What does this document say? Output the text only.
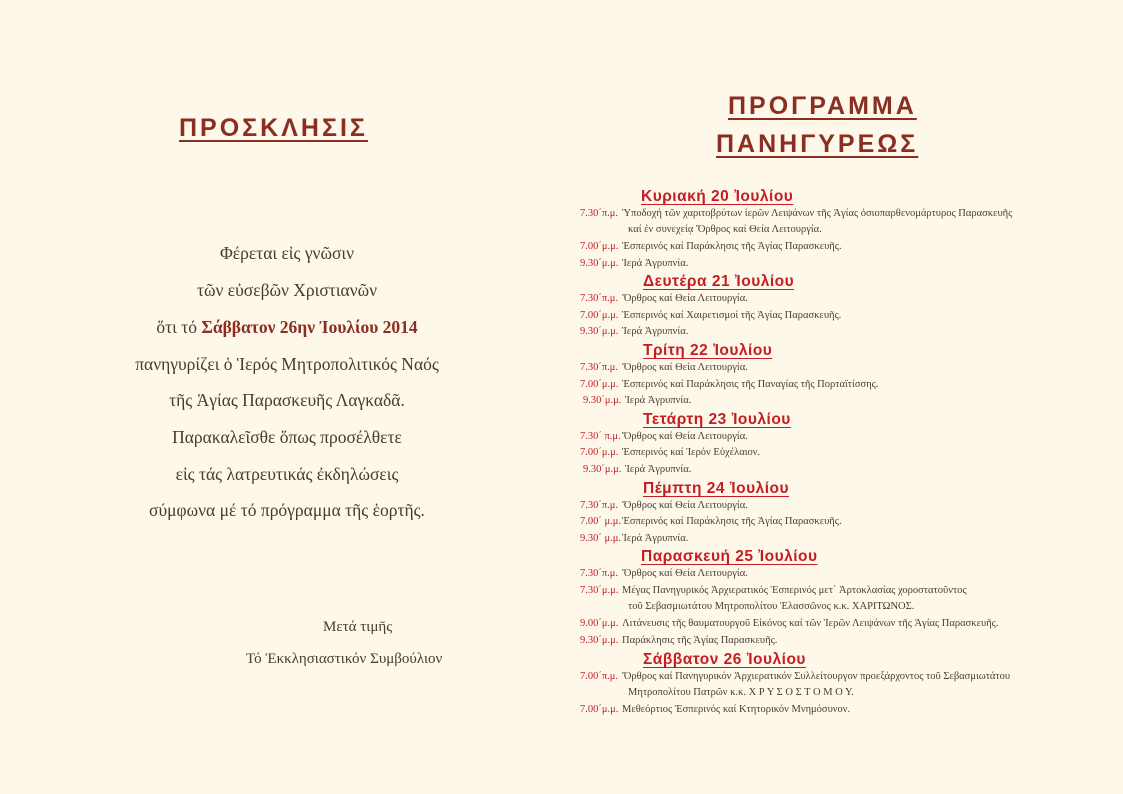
ΠΡΟΣΚΛΗΣΙΣ
Φέρεται εἰς γνῶσιν
τῶν εὐσεβῶν Χριστιανῶν
ὅτι τό Σάββατον 26ην Ἰουλίου 2014
πανηγυρίζει ὁ Ἱερός Μητροπολιτικός Ναός
τῆς Ἁγίας Παρασκευῆς Λαγκαδᾶ.
Παρακαλεῖσθε ὅπως προσέλθετε
εἰς τάς λατρευτικάς ἐκδηλώσεις
σύμφωνα μέ τό πρόγραμμα τῆς ἑορτῆς.
Μετά τιμῆς
Τό Ἐκκλησιαστικόν Συμβούλιον
ΠΡΟΓΡΑΜΜΑ
ΠΑΝΗΓΥΡΕΩΣ
Κυριακή 20 Ἰουλίου
7.30΄π.μ. Ὑποδοχή τῶν χαριτοβρύτων ἱερῶν Λειψάνων τῆς Ἁγίας ὁσιοπαρθενομάρτυρος Παρασκευῆς
καί ἐν συνεχείᾳ Ὄρθρος καί Θεία Λειτουργία.
7.00΄μ.μ. Ἑσπερινός καί Παράκλησις τῆς Ἁγίας Παρασκευῆς.
9.30΄μ.μ. Ἱερά Ἀγρυπνία.
Δευτέρα 21 Ἰουλίου
7.30΄π.μ. Ὄρθρος καί Θεία Λειτουργία.
7.00΄μ.μ. Ἑσπερινός καί Χαιρετισμοί τῆς Ἁγίας Παρασκευῆς.
9.30΄μ.μ. Ἱερά Ἀγρυπνία.
Τρίτη 22 Ἰουλίου
7.30΄π.μ. Ὄρθρος καί Θεία Λειτουργία.
7.00΄μ.μ. Ἑσπερινός καί Παράκλησις τῆς Παναγίας τῆς Πορταϊτίσσης.
9.30΄μ.μ. Ἱερά Ἀγρυπνία.
Τετάρτη 23 Ἰουλίου
7.30΄ π.μ.Ὄρθρος καί Θεία Λειτουργία.
7.00΄μ.μ. Ἑσπερινός καί Ἱερόν Εὐχέλαιον.
9.30΄μ.μ. Ἱερά Ἀγρυπνία.
Πέμπτη 24 Ἰουλίου
7.30΄π.μ. Ὄρθρος καί Θεία Λειτουργία.
7.00΄ μ.μ.Ἑσπερινός καί Παράκλησις τῆς Ἁγίας Παρασκευῆς.
9.30΄ μ.μ.Ἱερά Ἀγρυπνία.
Παρασκευή 25 Ἰουλίου
7.30΄π.μ. Ὄρθρος καί Θεία Λειτουργία.
7.30΄μ.μ. Μέγας Πανηγυρικός Ἀρχιερατικός Ἑσπερινός μετ΄ Ἀρτοκλασίας χοροστατοῦντος
τοῦ Σεβασμιωτάτου Μητροπολίτου Ἐλασσῶνος κ.κ. ΧΑΡΙΤΩΝΟΣ.
9.00΄μ.μ. Λιτάνευσις τῆς θαυματουργοῦ Εἰκόνος καί τῶν Ἱερῶν Λειψάνων τῆς Ἁγίας Παρασκευῆς.
9.30΄μ.μ. Παράκλησις τῆς Ἁγίας Παρασκευῆς.
Σάββατον 26 Ἰουλίου
7.00΄π.μ. Ὄρθρος καί Πανηγυρικόν Ἀρχιερατικόν Συλλείτουργον προεξάρχοντος τοῦ Σεβασμιωτάτου
Μητροπολίτου Πατρῶν κ.κ. Χ Ρ Υ Σ Ο Σ Τ Ο Μ Ο Υ.
7.00΄μ.μ. Μεθεόρτιος Ἑσπερινός καί Κτητορικόν Μνημόσυνον.
